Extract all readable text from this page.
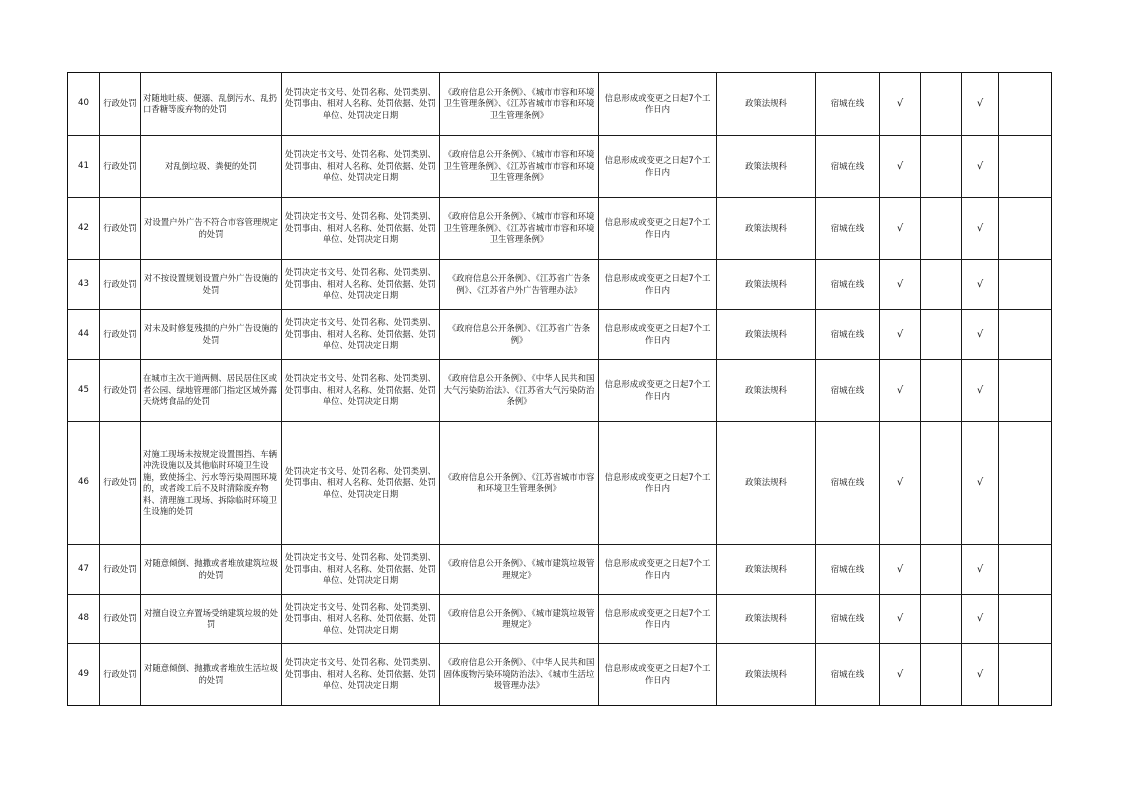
40	行政处罚	对随地吐痰、便溺、乱倒污水、乱扔口香糖等废弃物的处罚	处罚决定书文号、处罚名称、处罚类别、处罚事由、相对人名称、处罚依据、处罚单位、处罚决定日期	《政府信息公开条例》、《城市市容和环境卫生管理条例》、《江苏省城市市容和环境卫生管理条例》	信息形成或变更之日起7个工作日内	政策法规科	宿城在线	√		√	
41	行政处罚	对乱倒垃圾、粪便的处罚	处罚决定书文号、处罚名称、处罚类别、处罚事由、相对人名称、处罚依据、处罚单位、处罚决定日期	《政府信息公开条例》、《城市市容和环境卫生管理条例》、《江苏省城市市容和环境卫生管理条例》	信息形成或变更之日起7个工作日内	政策法规科	宿城在线	√		√	
42	行政处罚	对设置户外广告不符合市容管理规定的处罚	处罚决定书文号、处罚名称、处罚类别、处罚事由、相对人名称、处罚依据、处罚单位、处罚决定日期	《政府信息公开条例》、《城市市容和环境卫生管理条例》、《江苏省城市市容和环境卫生管理条例》	信息形成或变更之日起7个工作日内	政策法规科	宿城在线	√		√	
43	行政处罚	对不按设置规划设置户外广告设施的处罚	处罚决定书文号、处罚名称、处罚类别、处罚事由、相对人名称、处罚依据、处罚单位、处罚决定日期	《政府信息公开条例》、《江苏省广告条例》、《江苏省户外广告管理办法》	信息形成或变更之日起7个工作日内	政策法规科	宿城在线	√		√	
44	行政处罚	对未及时修复残损的户外广告设施的处罚	处罚决定书文号、处罚名称、处罚类别、处罚事由、相对人名称、处罚依据、处罚单位、处罚决定日期	《政府信息公开条例》、《江苏省广告条例》	信息形成或变更之日起7个工作日内	政策法规科	宿城在线	√		√	
45	行政处罚	在城市主次干道两侧、居民居住区或者公园、绿地管理部门指定区域外露天烧烤食品的处罚	处罚决定书文号、处罚名称、处罚类别、处罚事由、相对人名称、处罚依据、处罚单位、处罚决定日期	《政府信息公开条例》、《中华人民共和国大气污染防治法》、《江苏省大气污染防治条例》	信息形成或变更之日起7个工作日内	政策法规科	宿城在线	√		√	
46	行政处罚	对施工现场未按规定设置围挡、车辆冲洗设施以及其他临时环境卫生设施，致使扬尘、污水等污染周围环境的，或者竣工后不及时清除废弃物料、清理施工现场、拆除临时环境卫生设施的处罚	处罚决定书文号、处罚名称、处罚类别、处罚事由、相对人名称、处罚依据、处罚单位、处罚决定日期	《政府信息公开条例》、《江苏省城市市容和环境卫生管理条例》	信息形成或变更之日起7个工作日内	政策法规科	宿城在线	√		√	
47	行政处罚	对随意倾倒、抛撒或者堆放建筑垃圾的处罚	处罚决定书文号、处罚名称、处罚类别、处罚事由、相对人名称、处罚依据、处罚单位、处罚决定日期	《政府信息公开条例》、《城市建筑垃圾管理规定》	信息形成或变更之日起7个工作日内	政策法规科	宿城在线	√		√	
48	行政处罚	对擅自设立弃置场受纳建筑垃圾的处罚	处罚决定书文号、处罚名称、处罚类别、处罚事由、相对人名称、处罚依据、处罚单位、处罚决定日期	《政府信息公开条例》、《城市建筑垃圾管理规定》	信息形成或变更之日起7个工作日内	政策法规科	宿城在线	√		√	
49	行政处罚	对随意倾倒、抛撒或者堆放生活垃圾的处罚	处罚决定书文号、处罚名称、处罚类别、处罚事由、相对人名称、处罚依据、处罚单位、处罚决定日期	《政府信息公开条例》、《中华人民共和国固体废物污染环境防治法》、《城市生活垃圾管理办法》	信息形成或变更之日起7个工作日内	政策法规科	宿城在线	√		√	
